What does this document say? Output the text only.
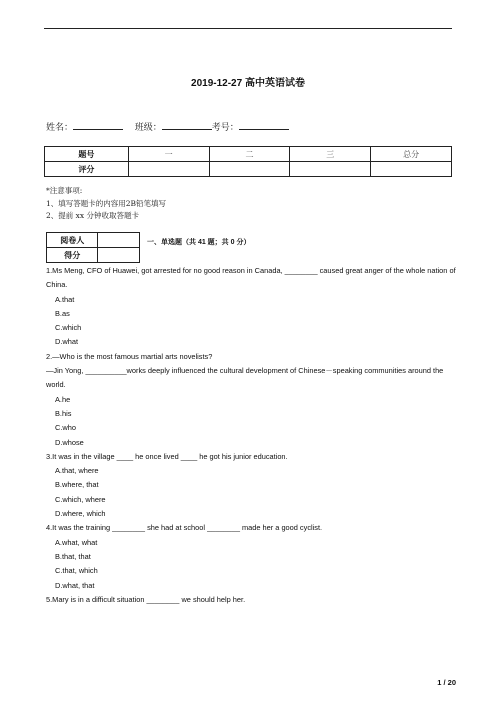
2019-12-27 高中英语试卷
姓名：	班级：	考号：
题号	一	二	三	总分
评分				
*注意事项:
1、填写答题卡的内容用2B铅笔填写
2、提前 xx 分钟收取答题卡
阅卷人	
得分	
一、单选题（共 41 题；共 0 分）

1.Ms Meng, CFO of Huawei, got arrested for no good reason in Canada, ________ caused great anger of the whole nation of China.

A.that

B.as

C.which

D.what

2.—Who is the most famous martial arts novelists?

—Jin Yong, __________works deeply influenced the cultural development of Chinese－speaking communities around the world.

A.he

B.his

C.who

D.whose

3.It was in the village ____ he once lived ____ he got his junior education.

A.that, where

B.where, that

C.which, where

D.where, which

4.It was the training ________ she had at school ________ made her a good cyclist.

A.what, what

B.that, that

C.that, which

D.what, that

5.Mary is in a difficult situation ________ we should help her.

1 / 20
